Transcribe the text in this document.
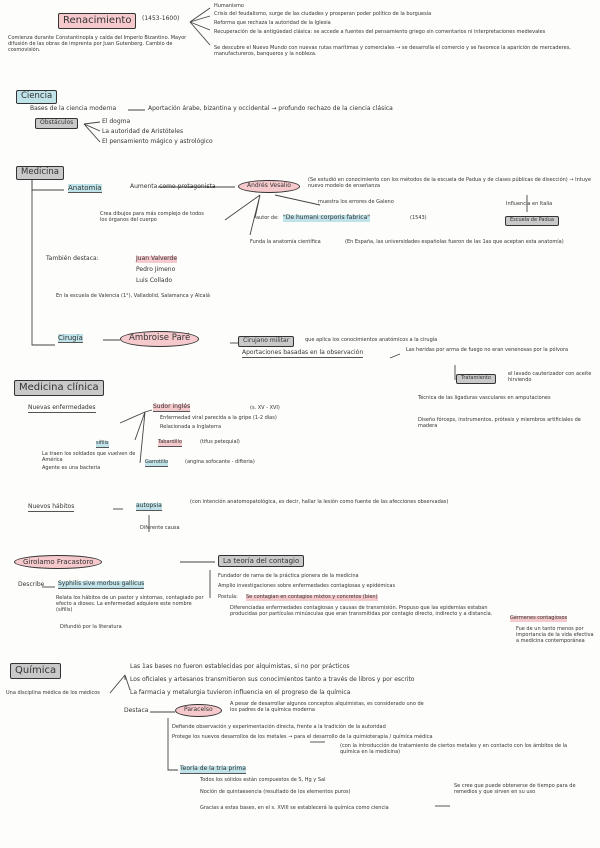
Renacimiento	(1453-1600)
Comienza durante Constantinopla y caída del Imperio Bizantino. Mayor difusión de las obras de imprenta por Juan Gutenberg. Cambio de cosmovisión.
Humanismo
Crisis del feudalismo, surge de las ciudades y prosperan poder político de la burguesía
Reforma que rechaza la autoridad de la Iglesia
Recuperación de la antigüedad clásica: se accede a fuentes del pensamiento griego sin comentarios ni interpretaciones medievales
Se descubre el Nuevo Mundo con nuevas rutas marítimas y comerciales → se desarrolla el comercio y se favorece la aparición de mercaderes, manufactureros, banqueros y la nobleza.
Ciencia
Bases de la ciencia moderna	Aportación árabe, bizantina y occidental → profundo rechazo de la ciencia clásica
Obstáculos	El dogma
La autoridad de Aristóteles
El pensamiento mágico y astrológico
Medicina
Anatomía	Aumenta como protagonista	Andrés Vesalio
(Se estudió en conocimiento con los métodos de la escuela de Padua y de clases públicas de disección) → Intuye nuevo modelo de enseñanza
Influencia en Italia
Escuela de Padua
muestra los errores de Galeno
Crea dibujos para más complejo de todos los órganos del cuerpo	autor de: "De humani corporis fabrica"	(1543)
Funda la anatomía científica	(En España, las universidades españolas fueron de las 1as que aceptan esta anatomía)
También destaca:	Juan Valverde
Pedro Jimeno
Luis Collado
En la escuela de Valencia (1°), Valladolid, Salamanca y Alcalá
Cirugía	Ambroise Paré	Cirujano militar	que aplica los conocimientos anatómicos a la cirugía
Aportaciones basadas en la observación	Las heridas por arma de fuego no eran venenosas por la pólvora
Tratamiento
el lavado cauterizador con aceite hirviendo
Técnica de las ligaduras vasculares en amputaciones
Diseño fórceps, instrumentos, prótesis y miembros artificiales de madera
Medicina clínica
Nuevas enfermedades	Sudor inglés	(s. XV - XVI)
Enfermedad viral parecida a la gripe (1-2 días)
Relacionada a Inglaterra
Tabardillo	(tifus petequial)
Garrotillo	(angina sofocante - difteria)
sífilis
La traen los soldados que vuelven de América
Agente es una bacteria
Nuevos hábitos	autopsia	(con intención anatomopatológica, es decir, hallar la lesión como fuente de las afecciones observadas)
Diferente causa
Girolamo Fracastoro	La teoría del contagio
Describe Syphilis sive morbus gallicus
Relata los hábitos de un pastor y síntomas, contagiado por efecto a dioses. La enfermedad adquiere este nombre (sífilis)
Difundió por la literatura
Fundador de rama de la práctica pionera de la medicina
Amplio investigaciones sobre enfermedades contagiosas y epidémicas
Postula: Se contagian en contagios mixtos y concretos (bien)
Diferenciadas enfermedades contagiosas y causas de transmisión. Propuso que las epidemias estaban producidas por partículas minúsculas que eran transmitidas por contagio directo, indirecto y a distancia.
Gérmenes contagiosos
Fue de un tanto menos por importancia de la vida efectiva a medicina contemporánea
Química
Una disciplina médica de los médicos
Las 1as bases no fueron establecidas por alquimistas, si no por prácticos
Los oficiales y artesanos transmitieron sus conocimientos tanto a través de libros y por escrito
La farmacia y metalurgia tuvieron influencia en el progreso de la química
Destaca	Paracelso
A pesar de desarrollar algunos conceptos alquimistas, es considerado uno de los padres de la química moderna
Defiende observación y experimentación directa, frente a la tradición de la autoridad
Protege los nuevos desarrollos de los metales → para el desarrollo de la quimioterapia / química médica
(con la introducción de tratamiento de ciertos metales y en contacto con los ámbitos de la química en la medicina)
Teoría de la tria prima
Todos los sólidos están compuestos de S, Hg y Sal
Noción de quintaesencia (resultado de los elementos puros)
Gracias a estas bases, en el s. XVIII se establecerá la química como ciencia
Se cree que puede obtenerse de tiempo para de remedios y que sirven en su uso
